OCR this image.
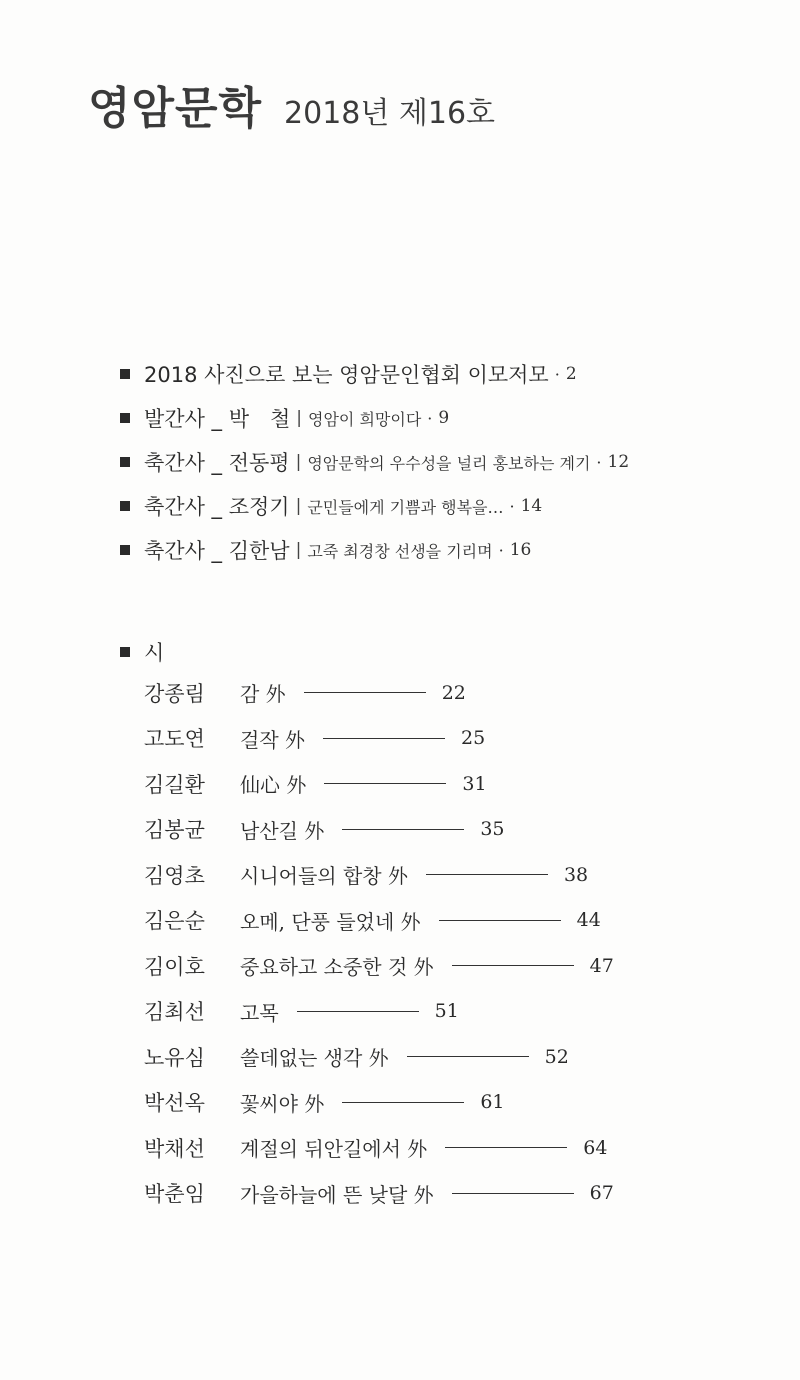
영암문학 2018년 제16호
2018 사진으로 보는 영암문인협회 이모저모 · 2
발간사 _ 박　철 | 영암이 희망이다 · 9
축간사 _ 전동평 | 영암문학의 우수성을 널리 홍보하는 계기 · 12
축간사 _ 조정기 | 군민들에게 기쁨과 행복을… · 14
축간사 _ 김한남 | 고죽 최경창 선생을 기리며 · 16
시
강종림	감 外	22
고도연	걸작 外	25
김길환	仙心 外	31
김봉균	남산길 外	35
김영초	시니어들의 합창 外	38
김은순	오메, 단풍 들었네 外	44
김이호	중요하고 소중한 것 外	47
김최선	고목	51
노유심	쓸데없는 생각 外	52
박선옥	꽃씨야 外	61
박채선	계절의 뒤안길에서 外	64
박춘임	가을하늘에 뜬 낮달 外	67
